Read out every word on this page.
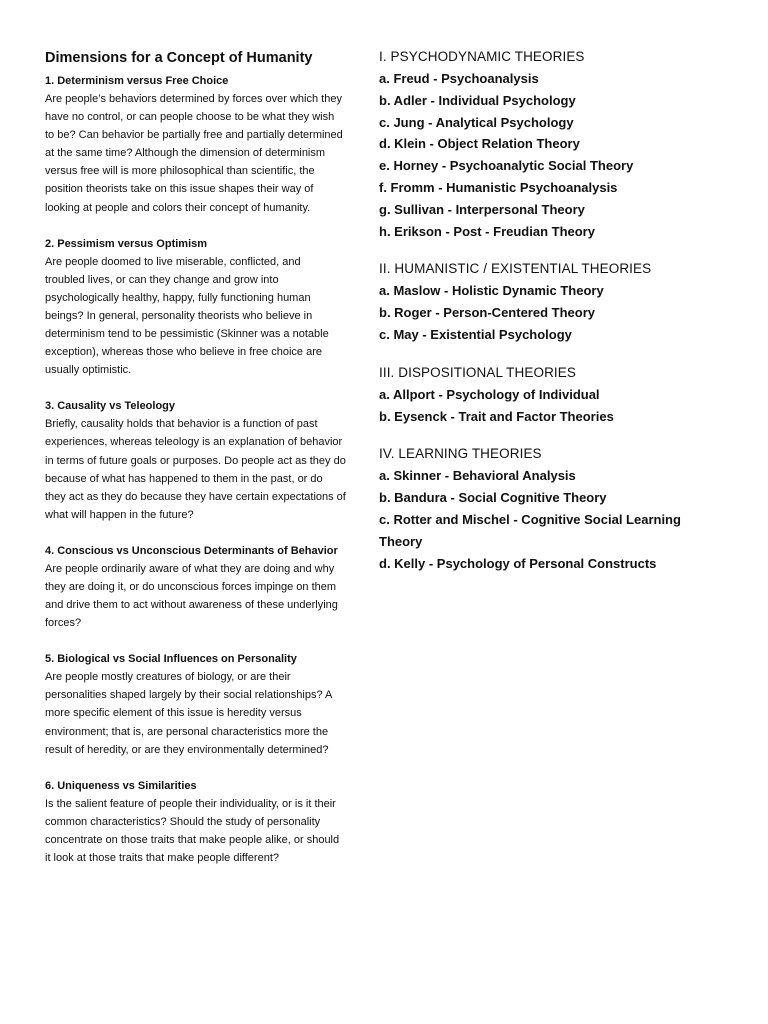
Dimensions for a Concept of Humanity
1. Determinism versus Free Choice
Are people’s behaviors determined by forces over which they
have no control, or can people choose to be what they wish
to be? Can behavior be partially free and partially determined
at the same time? Although the dimension of determinism
versus free will is more philosophical than scientific, the
position theorists take on this issue shapes their way of
looking at people and colors their concept of humanity.
2. Pessimism versus Optimism
Are people doomed to live miserable, conflicted, and
troubled lives, or can they change and grow into
psychologically healthy, happy, fully functioning human
beings? In general, personality theorists who believe in
determinism tend to be pessimistic (Skinner was a notable
exception), whereas those who believe in free choice are
usually optimistic.
3. Causality vs Teleology
Briefly, causality holds that behavior is a function of past
experiences, whereas teleology is an explanation of behavior
in terms of future goals or purposes. Do people act as they do
because of what has happened to them in the past, or do
they act as they do because they have certain expectations of
what will happen in the future?
4. Conscious vs Unconscious Determinants of Behavior
Are people ordinarily aware of what they are doing and why
they are doing it, or do unconscious forces impinge on them
and drive them to act without awareness of these underlying
forces?
5. Biological vs Social Influences on Personality
Are people mostly creatures of biology, or are their
personalities shaped largely by their social relationships? A
more specific element of this issue is heredity versus
environment; that is, are personal characteristics more the
result of heredity, or are they environmentally determined?
6. Uniqueness vs Similarities
Is the salient feature of people their individuality, or is it their
common characteristics? Should the study of personality
concentrate on those traits that make people alike, or should
it look at those traits that make people different?
I. PSYCHODYNAMIC THEORIES
a. Freud - Psychoanalysis
b. Adler - Individual Psychology
c. Jung - Analytical Psychology
d. Klein - Object Relation Theory
e. Horney - Psychoanalytic Social Theory
f. Fromm - Humanistic Psychoanalysis
g. Sullivan - Interpersonal Theory
h. Erikson - Post - Freudian Theory
II. HUMANISTIC / EXISTENTIAL THEORIES
a. Maslow - Holistic Dynamic Theory
b. Roger - Person-Centered Theory
c. May - Existential Psychology
III. DISPOSITIONAL THEORIES
a. Allport - Psychology of Individual
b. Eysenck - Trait and Factor Theories
IV. LEARNING THEORIES
a. Skinner - Behavioral Analysis
b. Bandura - Social Cognitive Theory
c. Rotter and Mischel - Cognitive Social Learning
Theory
d. Kelly - Psychology of Personal Constructs
